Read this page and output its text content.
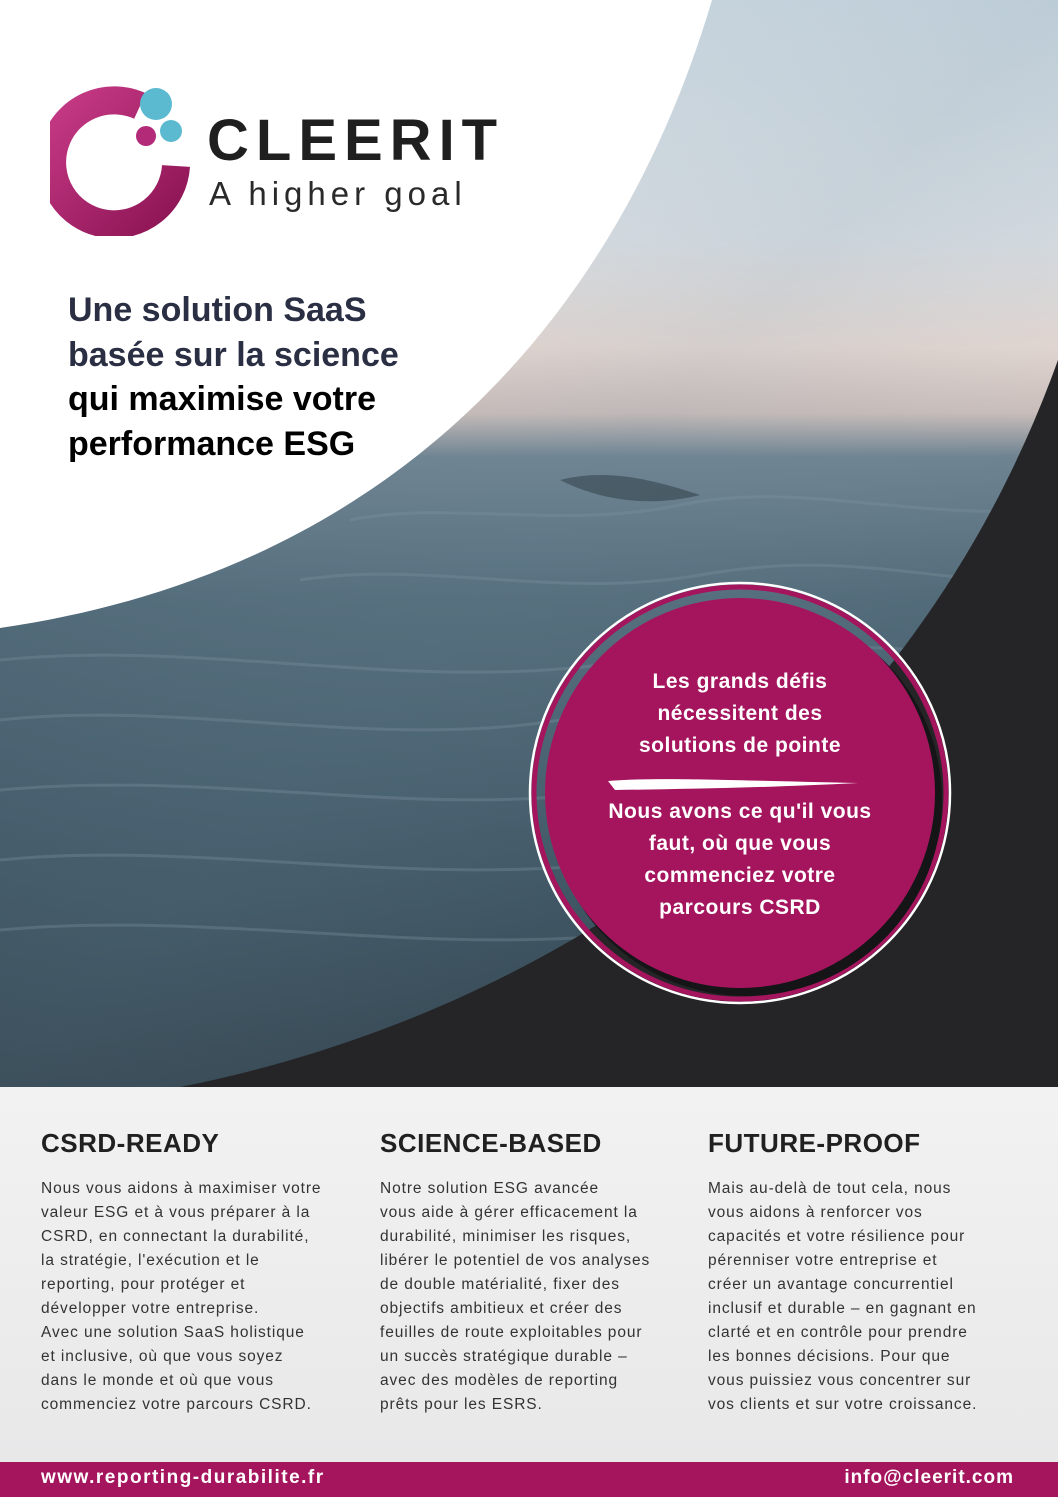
CLEERIT

A higher goal

Une solution SaaS
basée sur la science
qui maximise votre
performance ESG
Les grands défis
nécessitent des
solutions de pointe
Nous avons ce qu'il vous
faut, où que vous
commenciez votre
parcours CSRD
CSRD-READY

Nous vous aidons à maximiser votre
valeur ESG et à vous préparer à la
CSRD, en connectant la durabilité,
la stratégie, l'exécution et le
reporting, pour protéger et
développer votre entreprise.
Avec une solution SaaS holistique
et inclusive, où que vous soyez
dans le monde et où que vous
commenciez votre parcours CSRD.

SCIENCE-BASED

Notre solution ESG avancée
vous aide à gérer efficacement la
durabilité, minimiser les risques,
libérer le potentiel de vos analyses
de double matérialité, fixer des
objectifs ambitieux et créer des
feuilles de route exploitables pour
un succès stratégique durable –
avec des modèles de reporting
prêts pour les ESRS.

FUTURE-PROOF

Mais au-delà de tout cela, nous
vous aidons à renforcer vos
capacités et votre résilience pour
pérenniser votre entreprise et
créer un avantage concurrentiel
inclusif et durable – en gagnant en
clarté et en contrôle pour prendre
les bonnes décisions. Pour que
vous puissiez vous concentrer sur
vos clients et sur votre croissance.

www.reporting-durabilite.fr	info@cleerit.com
